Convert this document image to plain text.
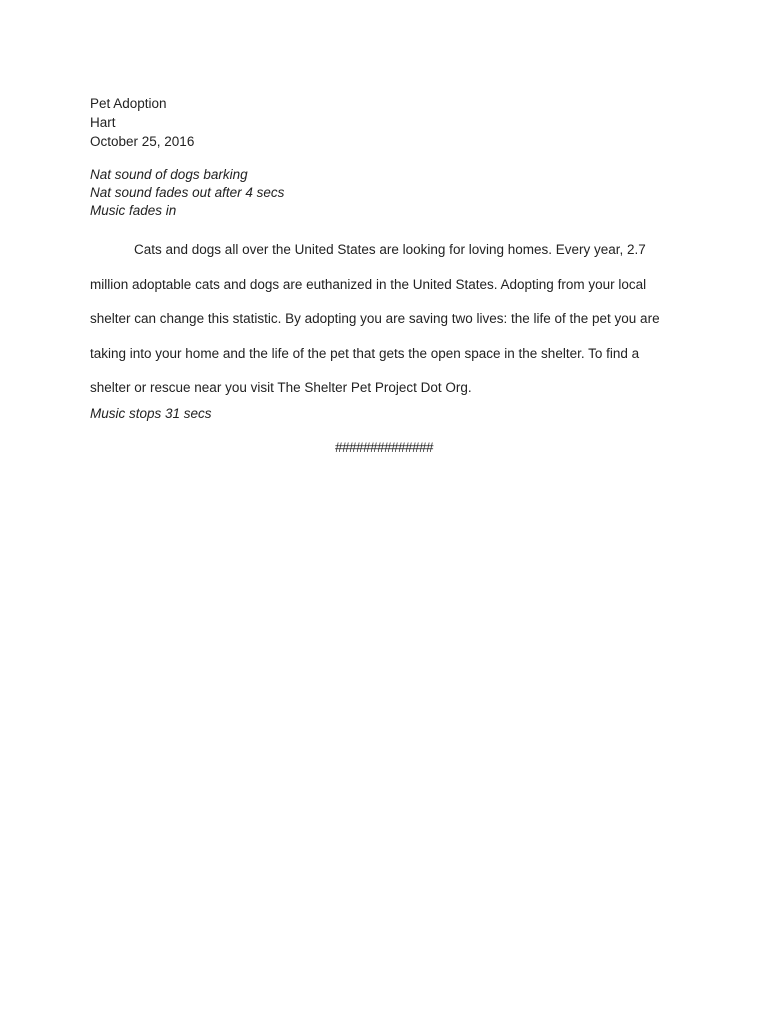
Pet Adoption
Hart
October 25, 2016
Nat sound of dogs barking
Nat sound fades out after 4 secs
Music fades in

Cats and dogs all over the United States are looking for loving homes. Every year, 2.7 million adoptable cats and dogs are euthanized in the United States. Adopting from your local shelter can change this statistic. By adopting you are saving two lives: the life of the pet you are taking into your home and the life of the pet that gets the open space in the shelter. To find a shelter or rescue near you visit The Shelter Pet Project Dot Org.

Music stops 31 secs
##############
